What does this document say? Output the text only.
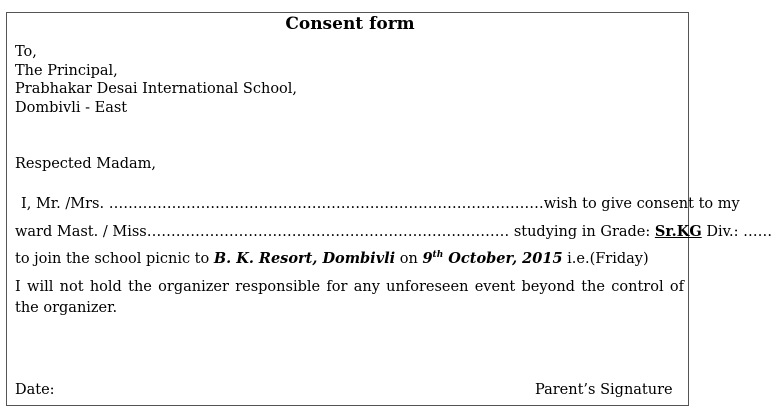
Consent form
To,
The Principal,
Prabhakar Desai International School,
Dombivli - East
Respected Madam,
I, Mr. /Mrs. ………………………………………………………………………………wish to give consent to my
ward Mast. / Miss………………………………………………………………… studying in Grade: Sr.KG Div.: ……
to join the school picnic to B. K. Resort, Dombivli on 9th October, 2015 i.e.(Friday)
I will not hold the organizer responsible for any unforeseen event beyond the control of the organizer.
Date:	Parent’s Signature
